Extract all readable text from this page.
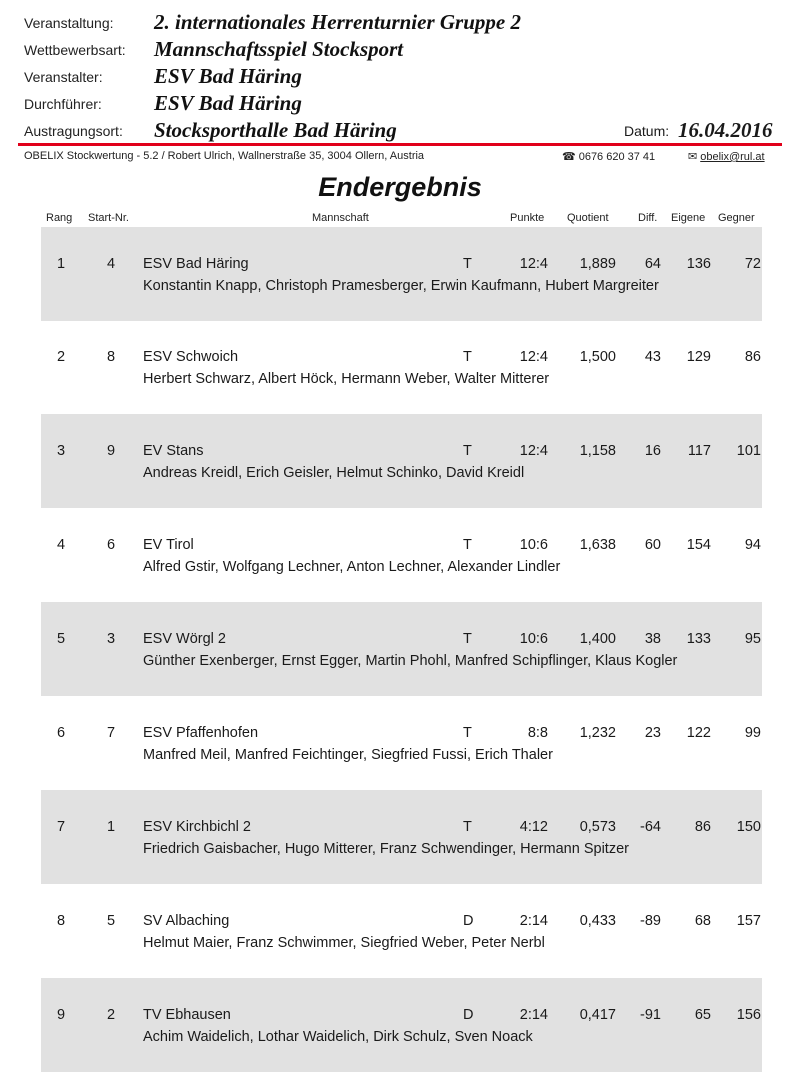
Veranstaltung: 2. internationales Herrenturnier Gruppe 2
Wettbewerbsart: Mannschaftsspiel Stocksport
Veranstalter: ESV Bad Häring
Durchführer: ESV Bad Häring
Austragungsort: Stocksporthalle Bad Häring	Datum: 16.04.2016
OBELIX Stockwertung - 5.2 / Robert Ulrich, Wallnerstraße 35, 3004 Ollern, Austria	☎ 0676 620 37 41	✉ obelix@rul.at
Endergebnis
Rang Start-Nr.	Mannschaft	Punkte Quotient	Diff. Eigene Gegner
1	4 ESV Bad Häring	T	12:4	1,889	64	136	72
Konstantin Knapp, Christoph Pramesberger, Erwin Kaufmann, Hubert Margreiter
2	8 ESV Schwoich	T	12:4	1,500	43	129	86
Herbert Schwarz, Albert Höck, Hermann Weber, Walter Mitterer
3	9 EV Stans	T	12:4	1,158	16	117	101
Andreas Kreidl, Erich Geisler, Helmut Schinko, David Kreidl
4	6 EV Tirol	T	10:6	1,638	60	154	94
Alfred Gstir, Wolfgang Lechner, Anton Lechner, Alexander Lindler
5	3 ESV Wörgl 2	T	10:6	1,400	38	133	95
Günther Exenberger, Ernst Egger, Martin Phohl, Manfred Schipflinger, Klaus Kogler
6	7 ESV Pfaffenhofen	T	8:8	1,232	23	122	99
Manfred Meil, Manfred Feichtinger, Siegfried Fussi, Erich Thaler
7	1 ESV Kirchbichl 2	T	4:12	0,573	-64	86	150
Friedrich Gaisbacher, Hugo Mitterer, Franz Schwendinger, Hermann Spitzer
8	5 SV Albaching	D	2:14	0,433	-89	68	157
Helmut Maier, Franz Schwimmer, Siegfried Weber, Peter Nerbl
9	2 TV Ebhausen	D	2:14	0,417	-91	65	156
Achim Waidelich, Lothar Waidelich, Dirk Schulz, Sven Noack
